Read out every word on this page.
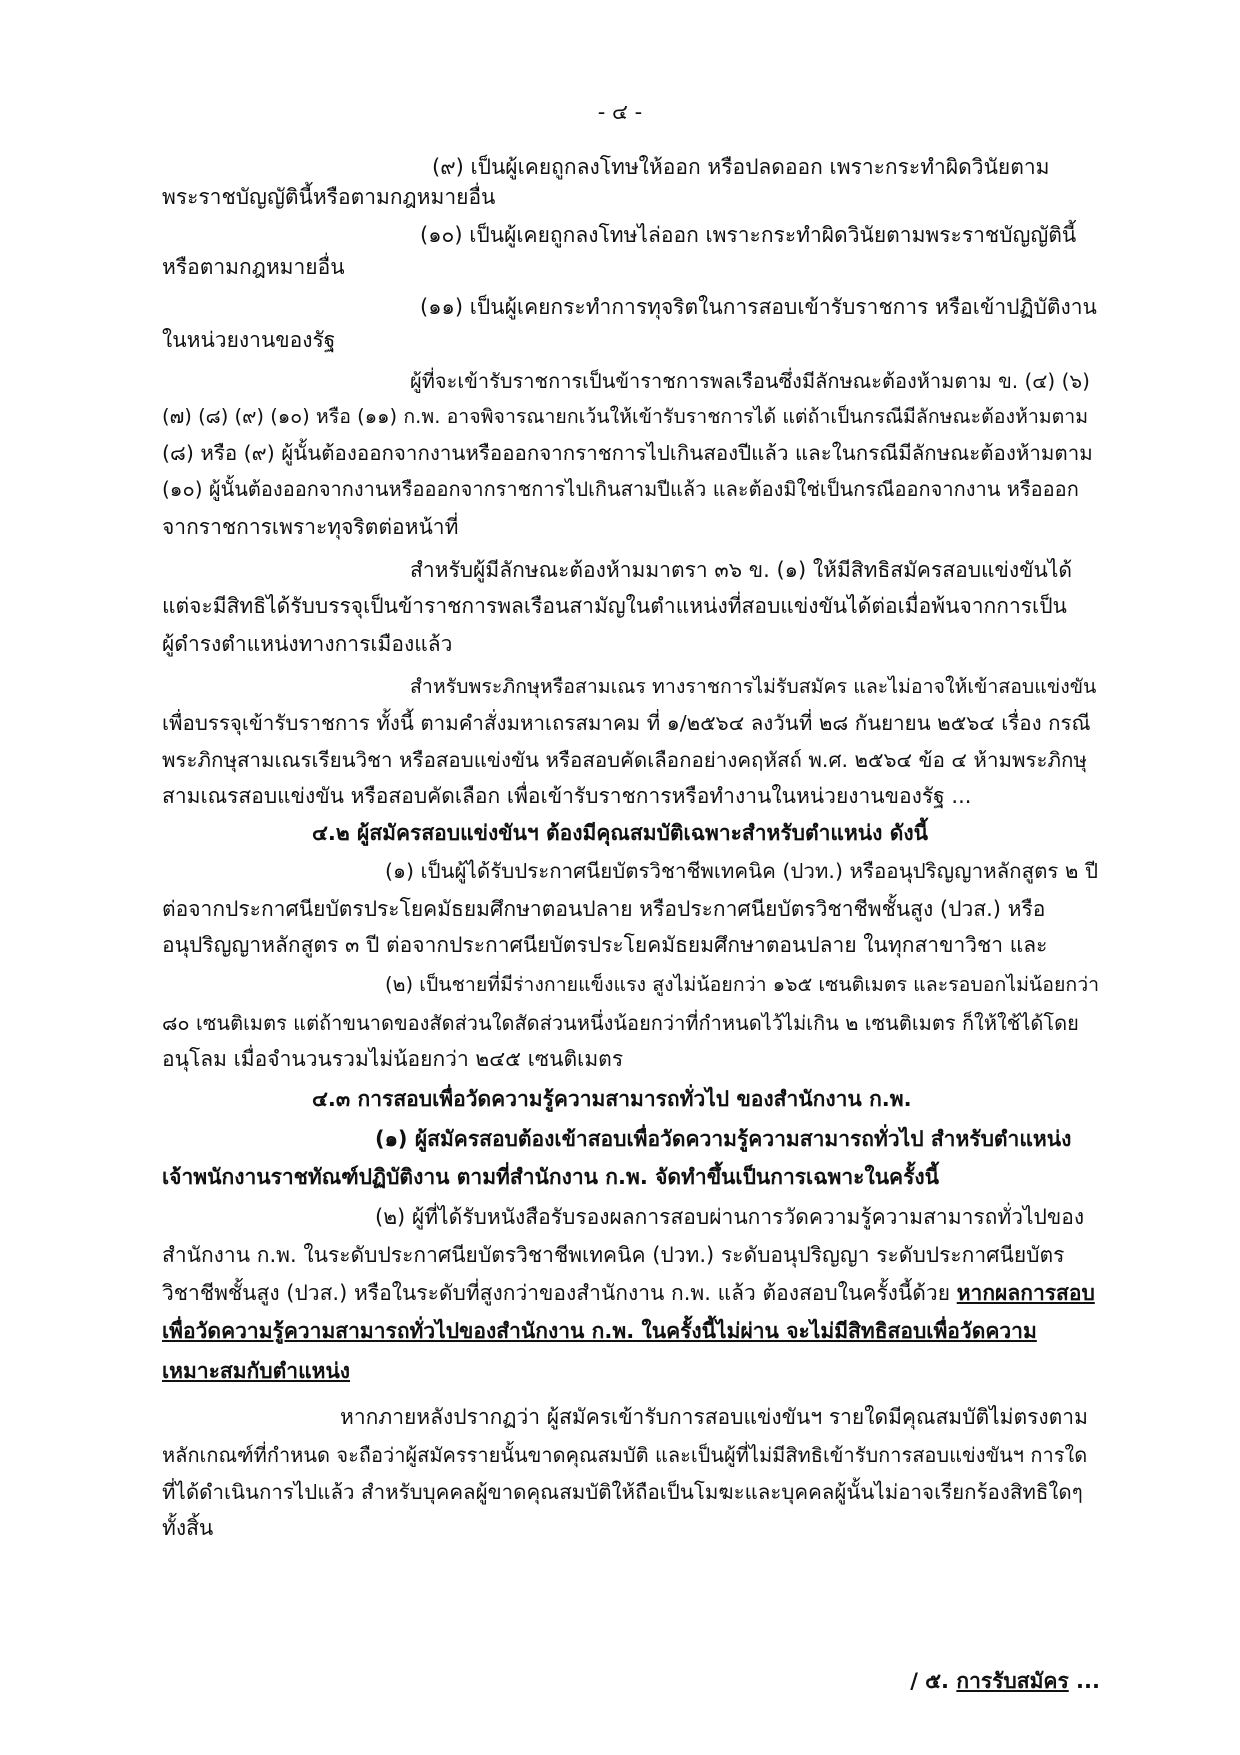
- ๔ -
(๙) เป็นผู้เคยถูกลงโทษให้ออก หรือปลดออก เพราะกระทำผิดวินัยตาม
พระราชบัญญัตินี้หรือตามกฎหมายอื่น
(๑๐) เป็นผู้เคยถูกลงโทษไล่ออก เพราะกระทำผิดวินัยตามพระราชบัญญัตินี้
หรือตามกฎหมายอื่น
(๑๑) เป็นผู้เคยกระทำการทุจริตในการสอบเข้ารับราชการ หรือเข้าปฏิบัติงาน
ในหน่วยงานของรัฐ
ผู้ที่จะเข้ารับราชการเป็นข้าราชการพลเรือนซึ่งมีลักษณะต้องห้ามตาม ข. (๔) (๖)
(๗) (๘) (๙) (๑๐) หรือ (๑๑) ก.พ. อาจพิจารณายกเว้นให้เข้ารับราชการได้ แต่ถ้าเป็นกรณีมีลักษณะต้องห้ามตาม
(๘) หรือ (๙) ผู้นั้นต้องออกจากงานหรือออกจากราชการไปเกินสองปีแล้ว และในกรณีมีลักษณะต้องห้ามตาม
(๑๐) ผู้นั้นต้องออกจากงานหรือออกจากราชการไปเกินสามปีแล้ว และต้องมิใช่เป็นกรณีออกจากงาน หรือออก
จากราชการเพราะทุจริตต่อหน้าที่
สำหรับผู้มีลักษณะต้องห้ามมาตรา ๓๖ ข. (๑) ให้มีสิทธิสมัครสอบแข่งขันได้
แต่จะมีสิทธิได้รับบรรจุเป็นข้าราชการพลเรือนสามัญในตำแหน่งที่สอบแข่งขันได้ต่อเมื่อพ้นจากการเป็น
ผู้ดำรงตำแหน่งทางการเมืองแล้ว
สำหรับพระภิกษุหรือสามเณร ทางราชการไม่รับสมัคร และไม่อาจให้เข้าสอบแข่งขัน
เพื่อบรรจุเข้ารับราชการ ทั้งนี้ ตามคำสั่งมหาเถรสมาคม ที่ ๑/๒๕๖๔ ลงวันที่ ๒๘ กันยายน ๒๕๖๔ เรื่อง กรณี
พระภิกษุสามเณรเรียนวิชา หรือสอบแข่งขัน หรือสอบคัดเลือกอย่างคฤหัสถ์ พ.ศ. ๒๕๖๔ ข้อ ๔ ห้ามพระภิกษุ
สามเณรสอบแข่งขัน หรือสอบคัดเลือก เพื่อเข้ารับราชการหรือทำงานในหน่วยงานของรัฐ ...
๔.๒ ผู้สมัครสอบแข่งขันฯ ต้องมีคุณสมบัติเฉพาะสำหรับตำแหน่ง ดังนี้
(๑) เป็นผู้ได้รับประกาศนียบัตรวิชาชีพเทคนิค (ปวท.) หรืออนุปริญญาหลักสูตร ๒ ปี
ต่อจากประกาศนียบัตรประโยคมัธยมศึกษาตอนปลาย หรือประกาศนียบัตรวิชาชีพชั้นสูง (ปวส.) หรือ
อนุปริญญาหลักสูตร ๓ ปี ต่อจากประกาศนียบัตรประโยคมัธยมศึกษาตอนปลาย ในทุกสาขาวิชา และ
(๒) เป็นชายที่มีร่างกายแข็งแรง สูงไม่น้อยกว่า ๑๖๕ เซนติเมตร และรอบอกไม่น้อยกว่า
๘๐ เซนติเมตร แต่ถ้าขนาดของสัดส่วนใดสัดส่วนหนึ่งน้อยกว่าที่กำหนดไว้ไม่เกิน ๒ เซนติเมตร ก็ให้ใช้ได้โดย
อนุโลม เมื่อจำนวนรวมไม่น้อยกว่า ๒๔๕ เซนติเมตร
๔.๓ การสอบเพื่อวัดความรู้ความสามารถทั่วไป ของสำนักงาน ก.พ.
(๑) ผู้สมัครสอบต้องเข้าสอบเพื่อวัดความรู้ความสามารถทั่วไป สำหรับตำแหน่ง
เจ้าพนักงานราชทัณฑ์ปฏิบัติงาน ตามที่สำนักงาน ก.พ. จัดทำขึ้นเป็นการเฉพาะในครั้งนี้
(๒) ผู้ที่ได้รับหนังสือรับรองผลการสอบผ่านการวัดความรู้ความสามารถทั่วไปของ
สำนักงาน ก.พ. ในระดับประกาศนียบัตรวิชาชีพเทคนิค (ปวท.) ระดับอนุปริญญา ระดับประกาศนียบัตร
วิชาชีพชั้นสูง (ปวส.) หรือในระดับที่สูงกว่าของสำนักงาน ก.พ. แล้ว ต้องสอบในครั้งนี้ด้วย หากผลการสอบ
เพื่อวัดความรู้ความสามารถทั่วไปของสำนักงาน ก.พ. ในครั้งนี้ไม่ผ่าน จะไม่มีสิทธิสอบเพื่อวัดความ
เหมาะสมกับตำแหน่ง
หากภายหลังปรากฏว่า ผู้สมัครเข้ารับการสอบแข่งขันฯ รายใดมีคุณสมบัติไม่ตรงตาม
หลักเกณฑ์ที่กำหนด จะถือว่าผู้สมัครรายนั้นขาดคุณสมบัติ และเป็นผู้ที่ไม่มีสิทธิเข้ารับการสอบแข่งขันฯ การใด
ที่ได้ดำเนินการไปแล้ว สำหรับบุคคลผู้ขาดคุณสมบัติให้ถือเป็นโมฆะและบุคคลผู้นั้นไม่อาจเรียกร้องสิทธิใดๆ
ทั้งสิ้น
/ ๕. การรับสมัคร ...
